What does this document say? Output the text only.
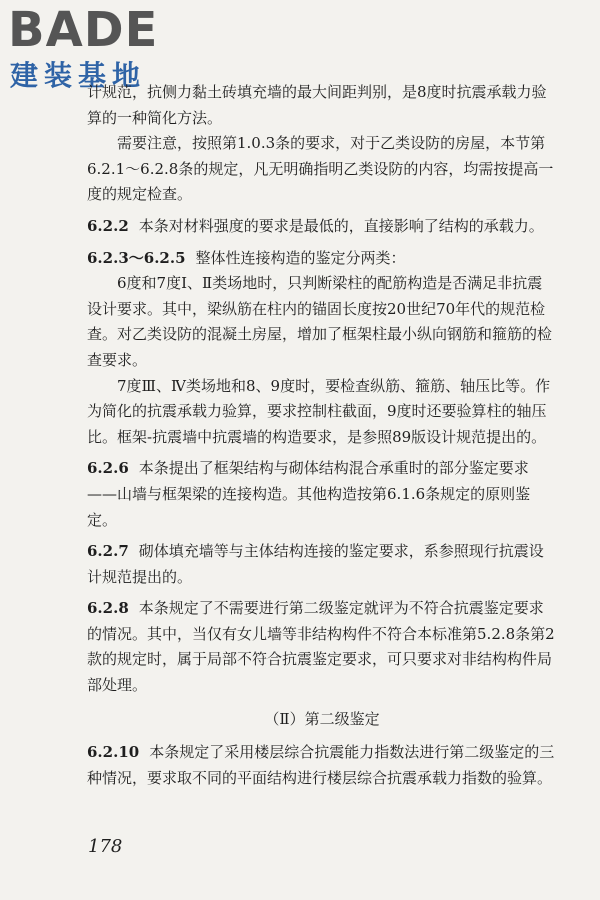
BADE
建装基地

计规范，抗侧力黏土砖填充墙的最大间距判别，是8度时抗震承载力验算的一种简化方法。

需要注意，按照第1.0.3条的要求，对于乙类设防的房屋，本节第6.2.1～6.2.8条的规定，凡无明确指明乙类设防的内容，均需按提高一度的规定检查。

6.2.2 本条对材料强度的要求是最低的，直接影响了结构的承载力。

6.2.3～6.2.5 整体性连接构造的鉴定分两类：

6度和7度Ⅰ、Ⅱ类场地时，只判断梁柱的配筋构造是否满足非抗震设计要求。其中，梁纵筋在柱内的锚固长度按20世纪70年代的规范检查。对乙类设防的混凝土房屋，增加了框架柱最小纵向钢筋和箍筋的检查要求。

7度Ⅲ、Ⅳ类场地和8、9度时，要检查纵筋、箍筋、轴压比等。作为简化的抗震承载力验算，要求控制柱截面，9度时还要验算柱的轴压比。框架-抗震墙中抗震墙的构造要求，是参照89版设计规范提出的。

6.2.6 本条提出了框架结构与砌体结构混合承重时的部分鉴定要求——山墙与框架梁的连接构造。其他构造按第6.1.6条规定的原则鉴定。

6.2.7 砌体填充墙等与主体结构连接的鉴定要求，系参照现行抗震设计规范提出的。

6.2.8 本条规定了不需要进行第二级鉴定就评为不符合抗震鉴定要求的情况。其中，当仅有女儿墙等非结构构件不符合本标准第5.2.8条第2款的规定时，属于局部不符合抗震鉴定要求，可只要求对非结构构件局部处理。

（Ⅱ）第二级鉴定

6.2.10 本条规定了采用楼层综合抗震能力指数法进行第二级鉴定的三种情况，要求取不同的平面结构进行楼层综合抗震承载力指数的验算。

178
